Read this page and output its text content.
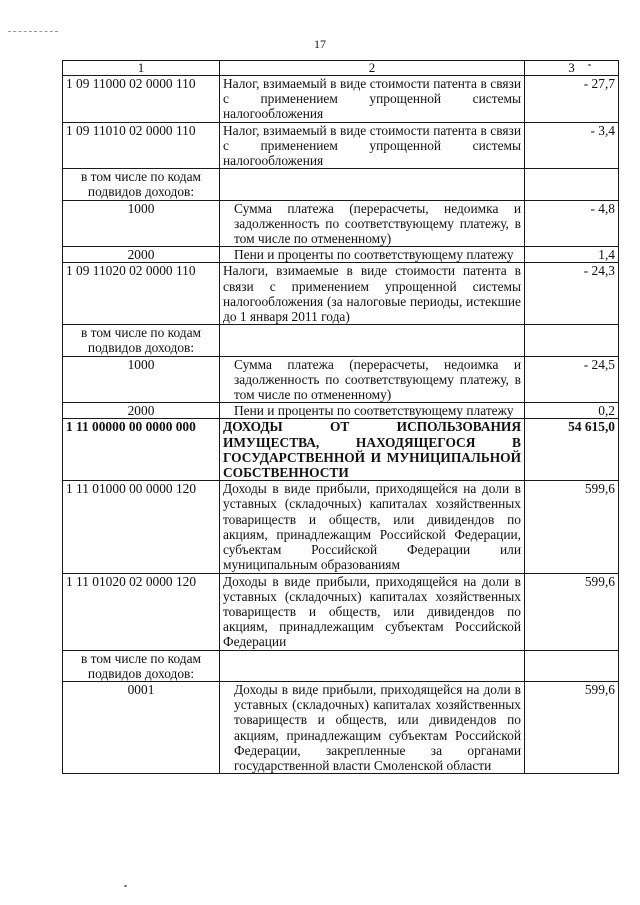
17
1	2	3
1 09 11000 02 0000 110	Налог, взимаемый в виде стоимости патента в связи с применением упрощенной системы налогообложения	- 27,7
1 09 11010 02 0000 110	Налог, взимаемый в виде стоимости патента в связи с применением упрощенной системы налогообложения	- 3,4
в том числе по кодам подвидов доходов:		
1000	Сумма платежа (перерасчеты, недоимка и задолженность по соответствующему платежу, в том числе по отмененному)	- 4,8
2000	Пени и проценты по соответствующему платежу	1,4
1 09 11020 02 0000 110	Налоги, взимаемые в виде стоимости патента в связи с применением упрощенной системы налогообложения (за налоговые периоды, истекшие до 1 января 2011 года)	- 24,3
в том числе по кодам подвидов доходов:		
1000	Сумма платежа (перерасчеты, недоимка и задолженность по соответствующему платежу, в том числе по отмененному)	- 24,5
2000	Пени и проценты по соответствующему платежу	0,2
1 11 00000 00 0000 000	ДОХОДЫ ОТ ИСПОЛЬЗОВАНИЯ ИМУЩЕСТВА, НАХОДЯЩЕГОСЯ В ГОСУДАРСТВЕННОЙ И МУНИЦИПАЛЬНОЙ СОБСТВЕННОСТИ	54 615,0
1 11 01000 00 0000 120	Доходы в виде прибыли, приходящейся на доли в уставных (складочных) капиталах хозяйственных товариществ и обществ, или дивидендов по акциям, принадлежащим Российской Федерации, субъектам Российской Федерации или муниципальным образованиям	599,6
1 11 01020 02 0000 120	Доходы в виде прибыли, приходящейся на доли в уставных (складочных) капиталах хозяйственных товариществ и обществ, или дивидендов по акциям, принадлежащим субъектам Российской Федерации	599,6
в том числе по кодам подвидов доходов:		
0001	Доходы в виде прибыли, приходящейся на доли в уставных (складочных) капиталах хозяйственных товариществ и обществ, или дивидендов по акциям, принадлежащим субъектам Российской Федерации, закрепленные за органами государственной власти Смоленской области	599,6
